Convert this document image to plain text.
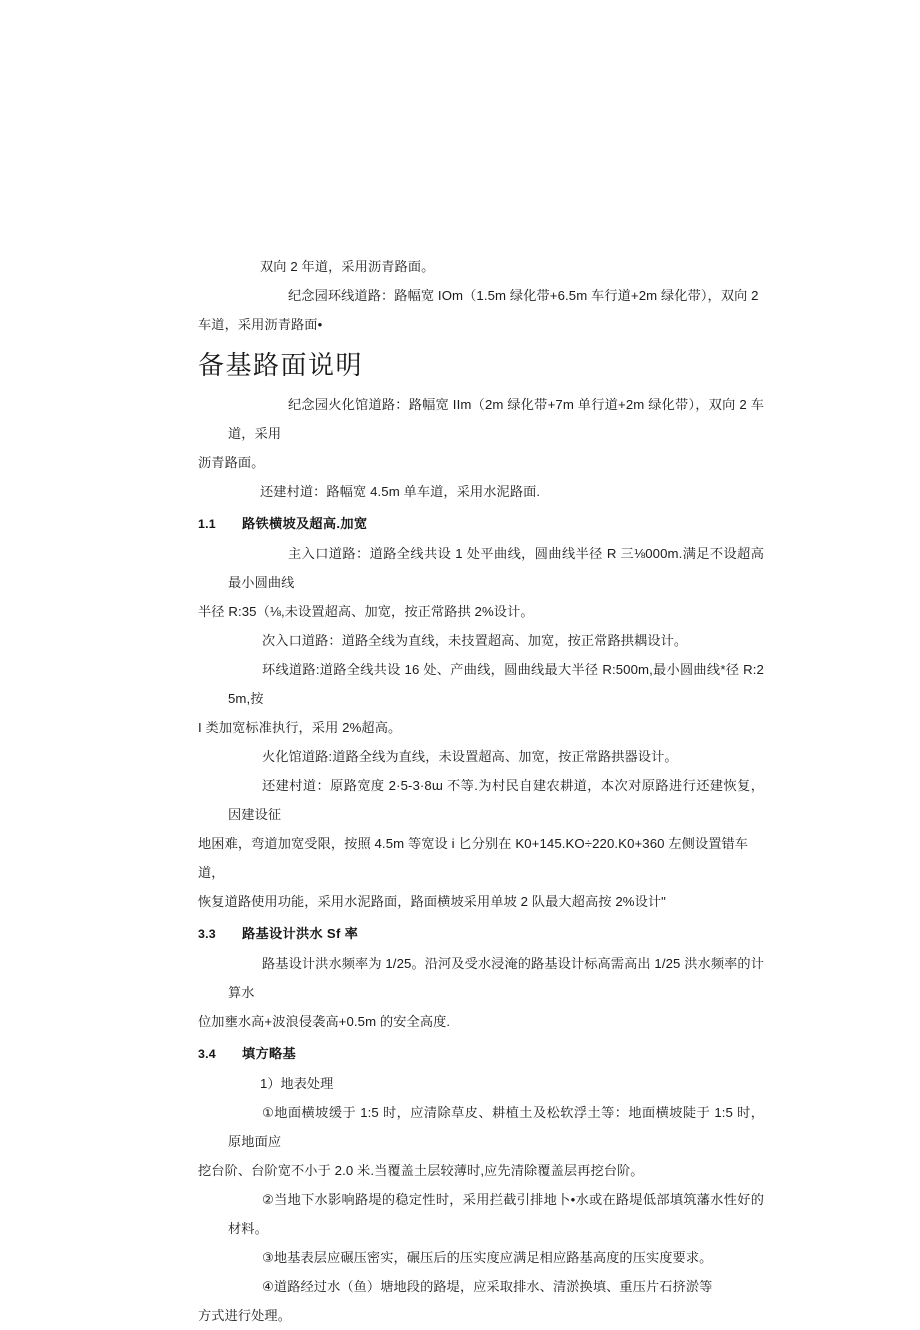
双向 2 年道，采用沥青路面。

纪念园环线道路：路幅宽 IOm（1.5m 绿化带+6.5m 车行道+2m 绿化带），双向 2

车道，采用沥青路面•

备基路面说明

纪念园火化馆道路：路幅宽 IIm（2m 绿化带+7m 单行道+2m 绿化带），双向 2 车道，采用

沥青路面。

还建村道：路幅宽 4.5m 单车道，采用水泥路面.

1.1	路铁横坡及超高.加宽

主入口道路：道路全线共设 1 处平曲线，圆曲线半径 R 三⅛000m.满足不设超高最小圆曲线

半径 R:35（⅛,未设置超高、加宽，按正常路拱 2%设计。

次入口道路：道路全线为直线，未技置超高、加宽，按正常路拱耦设计。

环线道路:道路全线共设 16 处、产曲线，圆曲线最大半径 R:500m,最小圆曲线*径 R:25m,按

I 类加宽标准执行，采用 2%超高。

火化馆道路:道路全线为直线，未设置超高、加宽，按正常路拱器设计。

还建村道：原路宽度 2·5-3·8ɯ 不等.为村民自建农耕道，本次对原路进行还建恢复，因建设征

地困难，弯道加宽受限，按照 4.5m 等宽设 i 匕分别在 K0+145.KO÷220.K0+360 左侧设置错车道，

恢复道路使用功能，采用水泥路面，路面横坡采用单坡 2 队最大超高按 2%设计"

3.3	路基设计洪水 Sf 率

路基设计洪水频率为 1/25。沿河及受水浸淹的路基设计标高需高出 1/25 洪水频率的计算水

位加壅水高+波浪侵袭高+0.5m 的安全高度.

3.4	填方略基

1）地表处理

①地面横坡缓于 1:5 时，应清除草皮、耕植土及松软浮土等：地面横坡陡于 1:5 时，原地面应

挖台阶、台阶宽不小于 2.0 米.当覆盖土层较薄时,应先清除覆盖层再挖台阶。

②当地下水影响路堤的稳定性时，采用拦截引排地卜•水或在路堤低部填筑藩水性好的材料。

③地基表层应碾压密实，碾压后的压实度应满足相应路基高度的压实度要求。

④道路经过水（鱼）塘地段的路堤，应采取排水、清淤换填、重压片石挤淤等

方式进行处理。
